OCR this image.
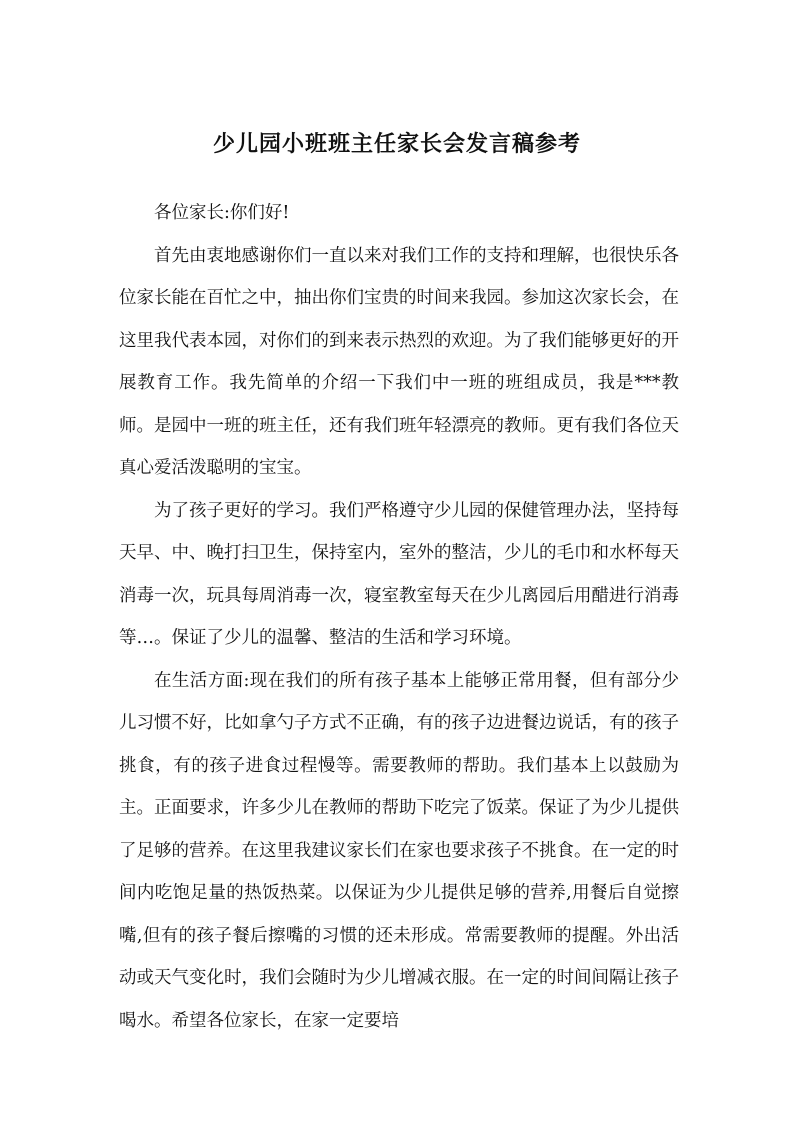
少儿园小班班主任家长会发言稿参考

各位家长:你们好!

首先由衷地感谢你们一直以来对我们工作的支持和理解，也很快乐各位家长能在百忙之中，抽出你们宝贵的时间来我园。参加这次家长会，在这里我代表本园，对你们的到来表示热烈的欢迎。为了我们能够更好的开展教育工作。我先简单的介绍一下我们中一班的班组成员，我是***教师。是园中一班的班主任，还有我们班年轻漂亮的教师。更有我们各位天真心爱活泼聪明的宝宝。

为了孩子更好的学习。我们严格遵守少儿园的保健管理办法，坚持每天早、中、晚打扫卫生，保持室内，室外的整洁，少儿的毛巾和水杯每天消毒一次，玩具每周消毒一次，寝室教室每天在少儿离园后用醋进行消毒等…。保证了少儿的温馨、整洁的生活和学习环境。

在生活方面:现在我们的所有孩子基本上能够正常用餐，但有部分少儿习惯不好，比如拿勺子方式不正确，有的孩子边进餐边说话，有的孩子挑食，有的孩子进食过程慢等。需要教师的帮助。我们基本上以鼓励为主。正面要求，许多少儿在教师的帮助下吃完了饭菜。保证了为少儿提供了足够的营养。在这里我建议家长们在家也要求孩子不挑食。在一定的时间内吃饱足量的热饭热菜。以保证为少儿提供足够的营养,用餐后自觉擦嘴,但有的孩子餐后擦嘴的习惯的还未形成。常需要教师的提醒。外出活动或天气变化时，我们会随时为少儿增减衣服。在一定的时间间隔让孩子喝水。希望各位家长，在家一定要培
